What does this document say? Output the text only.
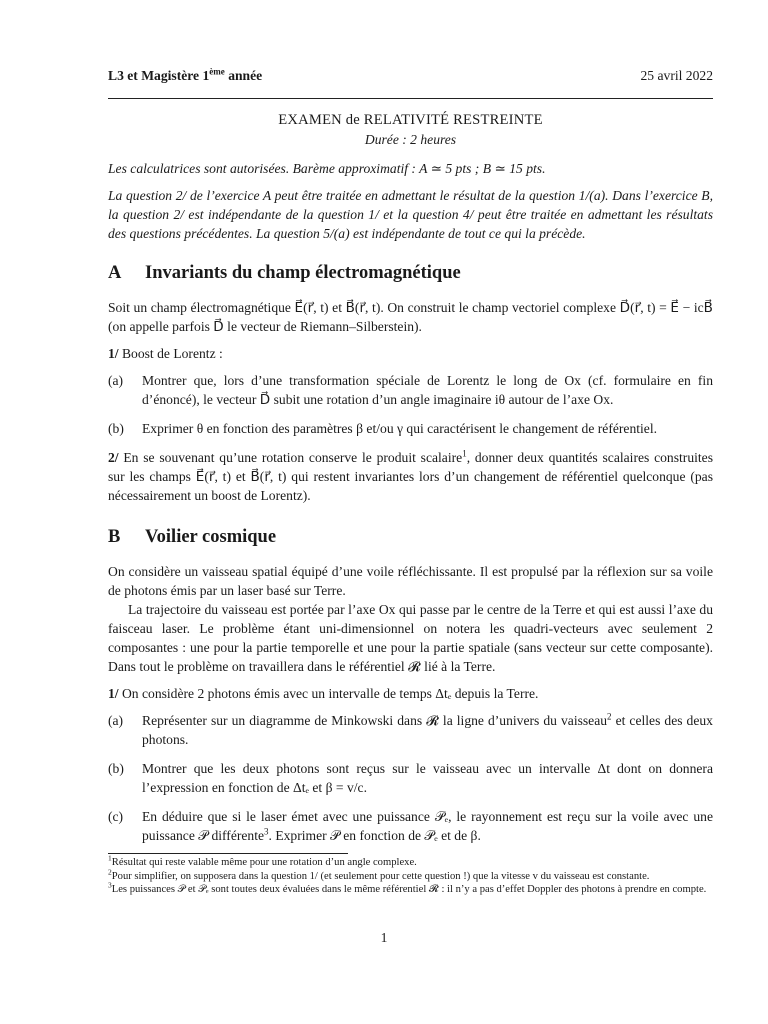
L3 et Magistère 1ème année	25 avril 2022
EXAMEN de RELATIVITÉ RESTREINTE
Durée : 2 heures

Les calculatrices sont autorisées. Barème approximatif : A ≃ 5 pts ; B ≃ 15 pts.

La question 2/ de l’exercice A peut être traitée en admettant le résultat de la question 1/(a). Dans l’exercice B, la question 2/ est indépendante de la question 1/ et la question 4/ peut être traitée en admettant les résultats des questions précédentes. La question 5/(a) est indépendante de tout ce qui la précède.

A	Invariants du champ électromagnétique

Soit un champ électromagnétique E⃗(r⃗, t) et B⃗(r⃗, t). On construit le champ vectoriel complexe D⃗(r⃗, t) = E⃗ − icB⃗ (on appelle parfois D⃗ le vecteur de Riemann–Silberstein).

1/ Boost de Lorentz :

(a)	Montrer que, lors d’une transformation spéciale de Lorentz le long de Ox (cf. formulaire en fin d’énoncé), le vecteur D⃗ subit une rotation d’un angle imaginaire iθ autour de l’axe Ox.
(b)	Exprimer θ en fonction des paramètres β et/ou γ qui caractérisent le changement de référentiel.

2/ En se souvenant qu’une rotation conserve le produit scalaire$^1$, donner deux quantités scalaires construites sur les champs E⃗(r⃗, t) et B⃗(r⃗, t) qui restent invariantes lors d’un changement de référentiel quelconque (pas nécessairement un boost de Lorentz).

B	Voilier cosmique

On considère un vaisseau spatial équipé d’une voile réfléchissante. Il est propulsé par la réflexion sur sa voile de photons émis par un laser basé sur Terre.

La trajectoire du vaisseau est portée par l’axe Ox qui passe par le centre de la Terre et qui est aussi l’axe du faisceau laser. Le problème étant uni-dimensionnel on notera les quadri-vecteurs avec seulement 2 composantes : une pour la partie temporelle et une pour la partie spatiale (sans vecteur sur cette composante). Dans tout le problème on travaillera dans le référentiel 𝓡 lié à la Terre.

1/ On considère 2 photons émis avec un intervalle de temps Δtₑ depuis la Terre.

(a)	Représenter sur un diagramme de Minkowski dans 𝓡 la ligne d’univers du vaisseau$^2$ et celles des deux photons.
(b)	Montrer que les deux photons sont reçus sur le vaisseau avec un intervalle Δt dont on donnera l’expression en fonction de Δtₑ et β = v/c.
(c)	En déduire que si le laser émet avec une puissance 𝒫ₑ, le rayonnement est reçu sur la voile avec une puissance 𝒫 différente$^3$. Exprimer 𝒫 en fonction de 𝒫ₑ et de β.
$^1$Résultat qui reste valable même pour une rotation d’un angle complexe.
$^2$Pour simplifier, on supposera dans la question 1/ (et seulement pour cette question !) que la vitesse v du vaisseau est constante.
$^3$Les puissances 𝒫 et 𝒫ₑ sont toutes deux évaluées dans le même référentiel 𝓡 : il n’y a pas d’effet Doppler des photons à prendre en compte.
1
